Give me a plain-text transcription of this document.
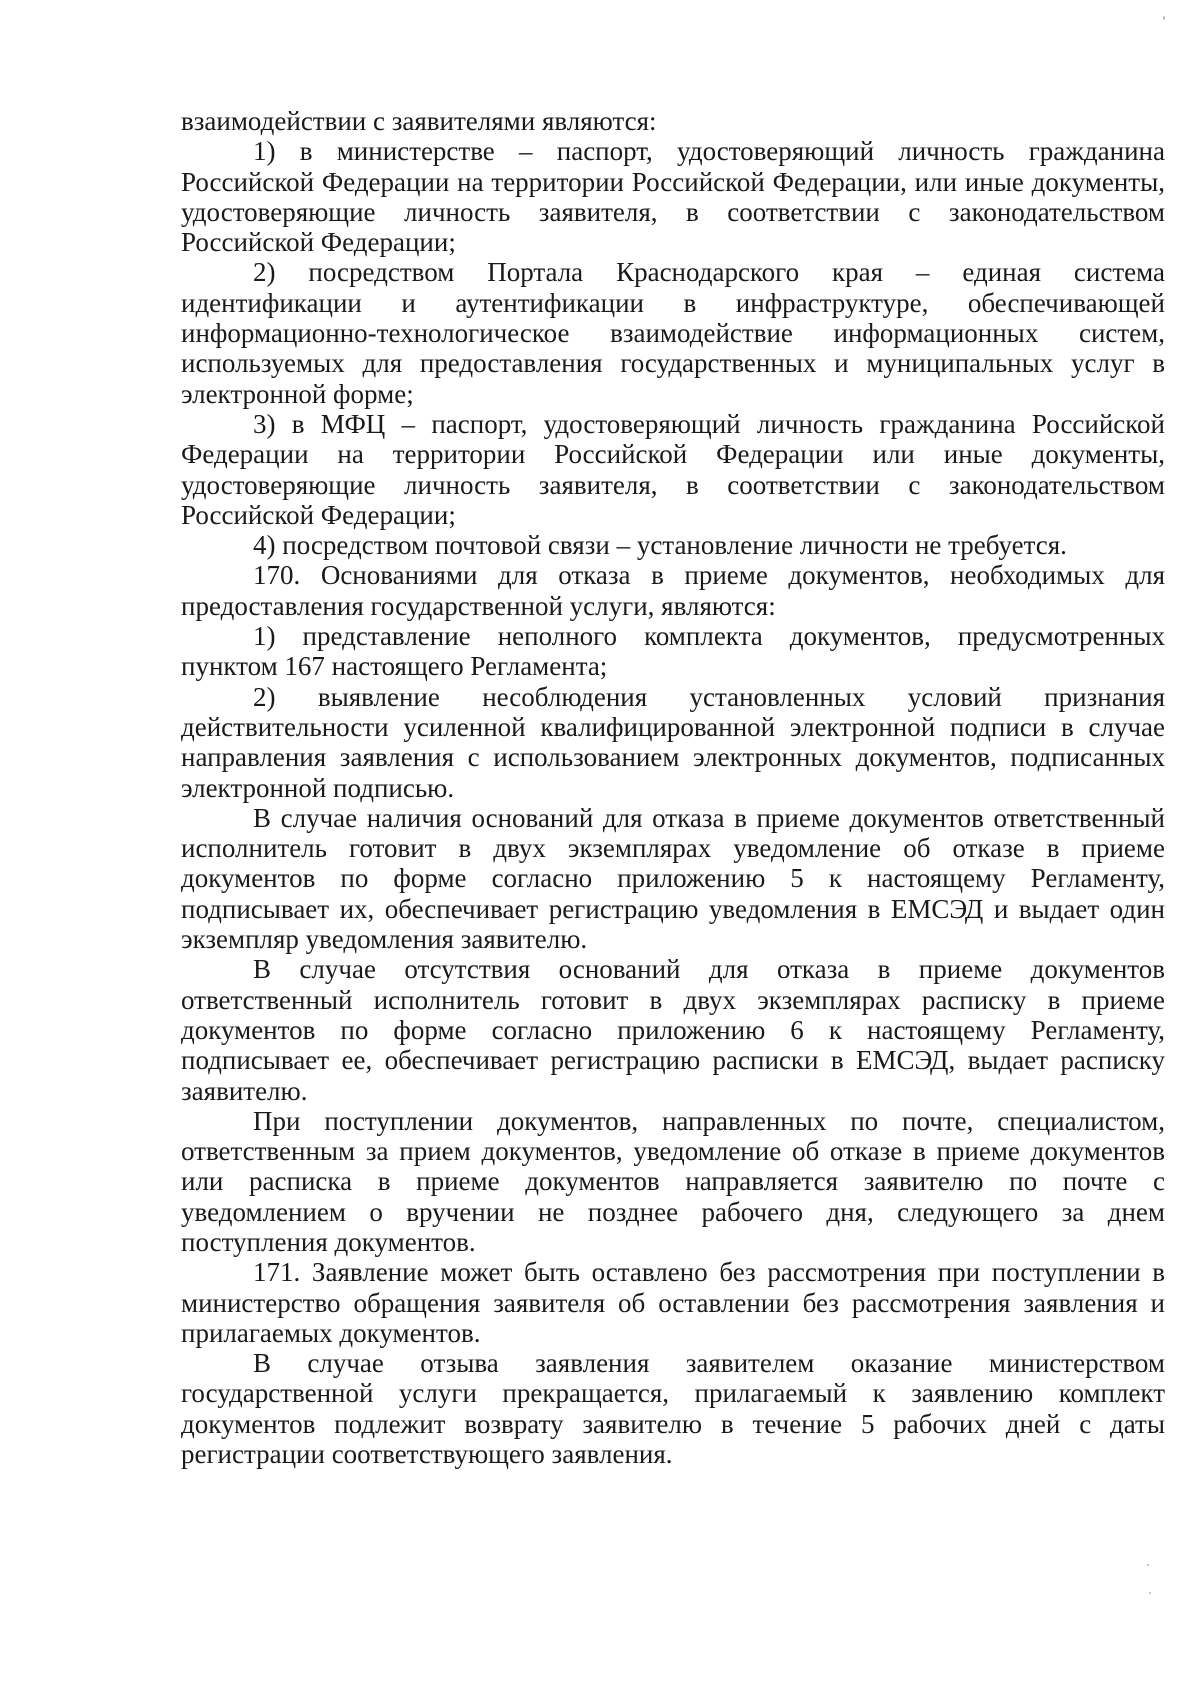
взаимодействии с заявителями являются:

1) в министерстве – паспорт, удостоверяющий личность гражданина Российской Федерации на территории Российской Федерации, или иные документы, удостоверяющие личность заявителя, в соответствии с законодательством Российской Федерации;

2) посредством Портала Краснодарского края – единая система идентификации и аутентификации в инфраструктуре, обеспечивающей информационно-технологическое взаимодействие информационных систем, используемых для предоставления государственных и муниципальных услуг в электронной форме;

3) в МФЦ – паспорт, удостоверяющий личность гражданина Российской Федерации на территории Российской Федерации или иные документы, удостоверяющие личность заявителя, в соответствии с законодательством Российской Федерации;

4) посредством почтовой связи – установление личности не требуется.

170. Основаниями для отказа в приеме документов, необходимых для предоставления государственной услуги, являются:

1) представление неполного комплекта документов, предусмотренных пунктом 167 настоящего Регламента;

2) выявление несоблюдения установленных условий признания действительности усиленной квалифицированной электронной подписи в случае направления заявления с использованием электронных документов, подписанных электронной подписью.

В случае наличия оснований для отказа в приеме документов ответственный исполнитель готовит в двух экземплярах уведомление об отказе в приеме документов по форме согласно приложению 5 к настоящему Регламенту, подписывает их, обеспечивает регистрацию уведомления в ЕМСЭД и выдает один экземпляр уведомления заявителю.

В случае отсутствия оснований для отказа в приеме документов ответственный исполнитель готовит в двух экземплярах расписку в приеме документов по форме согласно приложению 6 к настоящему Регламенту, подписывает ее, обеспечивает регистрацию расписки в ЕМСЭД, выдает расписку заявителю.

При поступлении документов, направленных по почте, специалистом, ответственным за прием документов, уведомление об отказе в приеме документов или расписка в приеме документов направляется заявителю по почте с уведомлением о вручении не позднее рабочего дня, следующего за днем поступления документов.

171. Заявление может быть оставлено без рассмотрения при поступлении в министерство обращения заявителя об оставлении без рассмотрения заявления и прилагаемых документов.

В случае отзыва заявления заявителем оказание министерством государственной услуги прекращается, прилагаемый к заявлению комплект документов подлежит возврату заявителю в течение 5 рабочих дней с даты регистрации соответствующего заявления.
